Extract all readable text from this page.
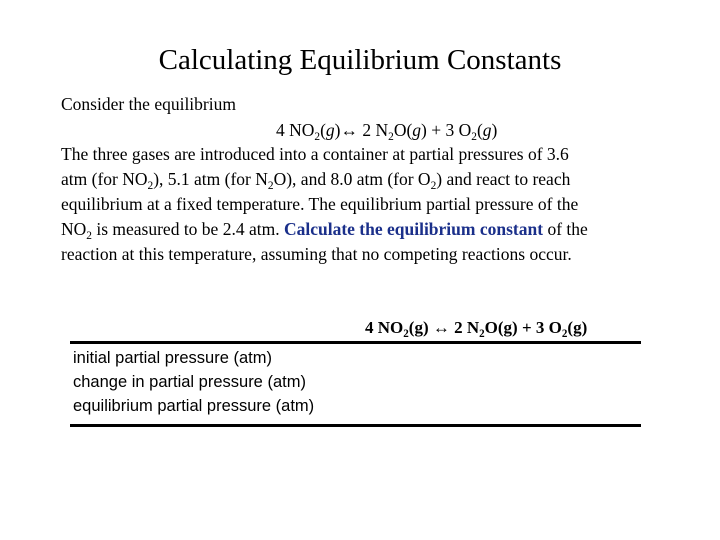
Calculating Equilibrium Constants
Consider the equilibrium
4 $NO_2(g)\leftrightarrow$ 2 $N_2O(g) + 3$ $O_2(g)$
The three gases are introduced into a container at partial pressures of 3.6
atm (for $NO_2$), 5.1 atm (for $N_2O$), and 8.0 atm (for $O_2$) and react to reach
equilibrium at a fixed temperature. The equilibrium partial pressure of the
$NO_2$ is measured to be 2.4 atm. Calculate the equilibrium constant of the
reaction at this temperature, assuming that no competing reactions occur.
4 $NO_2(g)$ ↔ 2 $N_2O(g) + 3$ $O_2(g)$
initial partial pressure (atm)
change in partial pressure (atm)
equilibrium partial pressure (atm)
